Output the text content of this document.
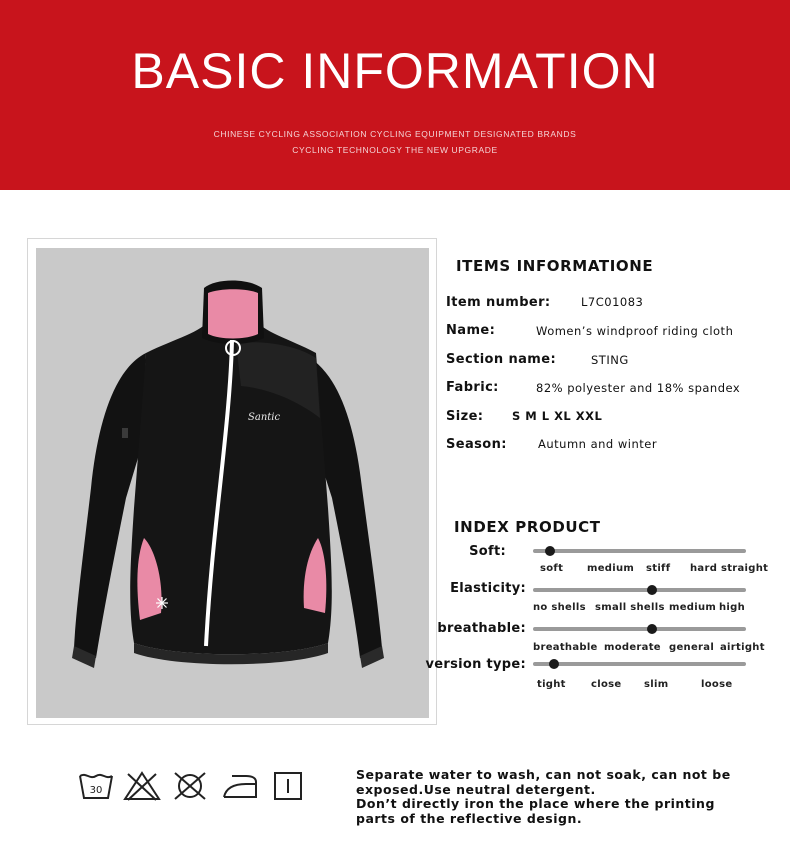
BASIC INFORMATION
CHINESE CYCLING ASSOCIATION CYCLING EQUIPMENT DESIGNATED BRANDS
CYCLING TECHNOLOGY THE NEW UPGRADE
Santic
ITEMS INFORMATIONE
Item number:	L7C01083
Name:	Women’s windproof riding cloth
Section name:	STING
Fabric:	82% polyester and 18% spandex
Size: S M L XL XXL
Season:	Autumn and winter
INDEX PRODUCT
Soft:
soft medium stiff hard straight
Elasticity:
no shells small shells medium high
breathable:
breathable moderate general airtight
version type:
tight	close slim	loose
30
Separate water to wash, can not soak, can not be
exposed.Use neutral detergent.
Don’t directly iron the place where the printing
parts of the reflective design.
